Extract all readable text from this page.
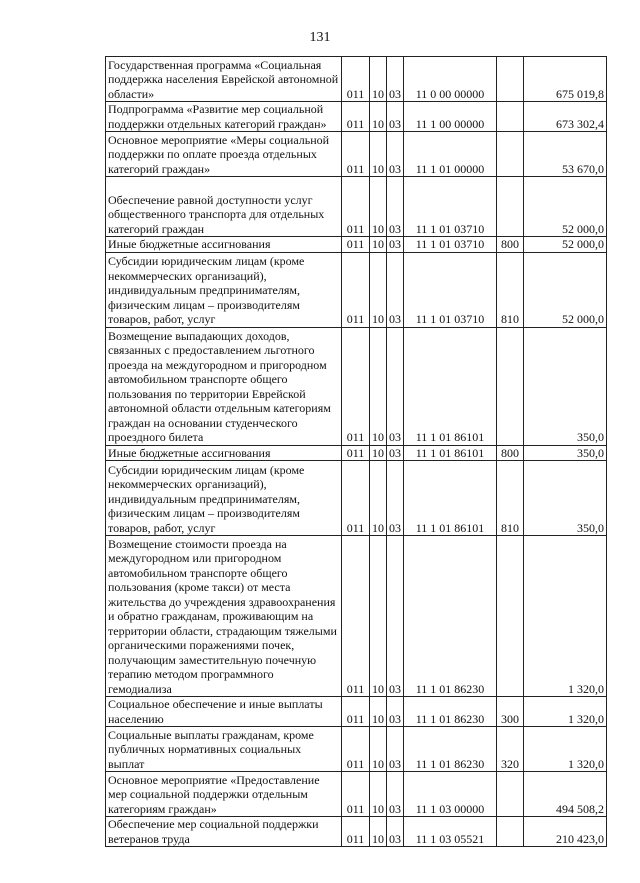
131
Государственная программа «Социальная поддержка населения Еврейской автономной области»	011	10	03	11 0 00 00000		675 019,8
Подпрограмма «Развитие мер социальной поддержки отдельных категорий граждан»	011	10	03	11 1 00 00000		673 302,4
Основное мероприятие «Меры социальной поддержки по оплате проезда отдельных категорий граждан»	011	10	03	11 1 01 00000		53 670,0
Обеспечение равной доступности услуг общественного транспорта для отдельных категорий граждан	011	10	03	11 1 01 03710		52 000,0
Иные бюджетные ассигнования	011	10	03	11 1 01 03710	800	52 000,0
Субсидии юридическим лицам (кроме некоммерческих организаций), индивидуальным предпринимателям, физическим лицам – производителям товаров, работ, услуг	011	10	03	11 1 01 03710	810	52 000,0
Возмещение выпадающих доходов, связанных с предоставлением льготного проезда на междугородном и пригородном автомобильном транспорте общего пользования по территории Еврейской автономной области отдельным категориям граждан на основании студенческого проездного билета	011	10	03	11 1 01 86101		350,0
Иные бюджетные ассигнования	011	10	03	11 1 01 86101	800	350,0
Субсидии юридическим лицам (кроме некоммерческих организаций), индивидуальным предпринимателям, физическим лицам – производителям товаров, работ, услуг	011	10	03	11 1 01 86101	810	350,0
Возмещение стоимости проезда на междугородном или пригородном автомобильном транспорте общего пользования (кроме такси) от места жительства до учреждения здравоохранения и обратно гражданам, проживающим на территории области, страдающим тяжелыми органическими поражениями почек, получающим заместительную почечную терапию методом программного гемодиализа	011	10	03	11 1 01 86230		1 320,0
Социальное обеспечение и иные выплаты населению	011	10	03	11 1 01 86230	300	1 320,0
Социальные выплаты гражданам, кроме публичных нормативных социальных выплат	011	10	03	11 1 01 86230	320	1 320,0
Основное мероприятие «Предоставление мер социальной поддержки отдельным категориям граждан»	011	10	03	11 1 03 00000		494 508,2
Обеспечение мер социальной поддержки ветеранов труда	011	10	03	11 1 03 05521		210 423,0
